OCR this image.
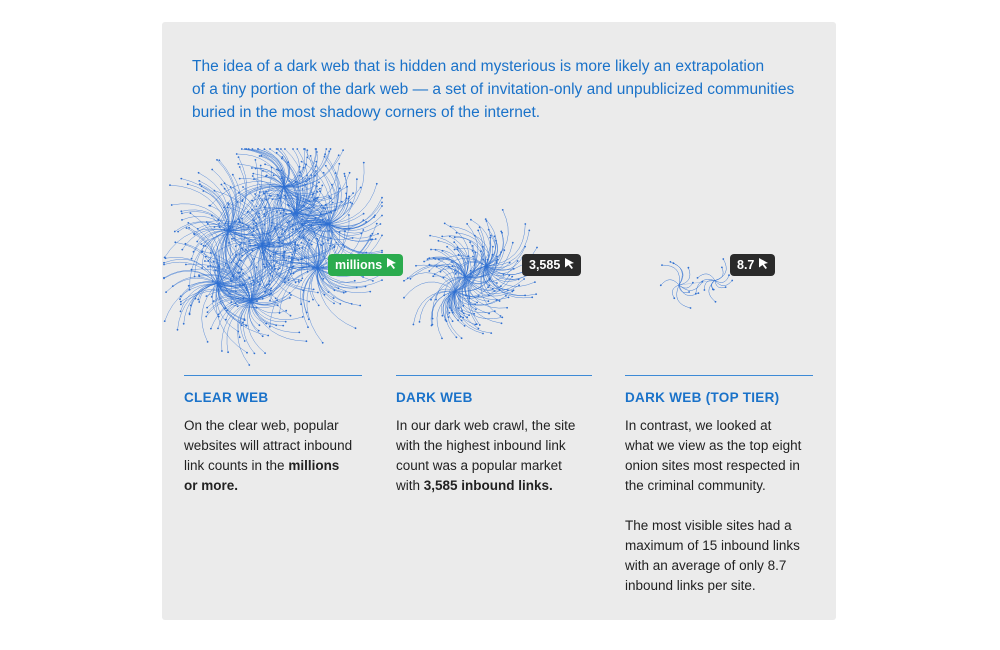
The idea of a dark web that is hidden and mysterious is more likely an extrapolation
of a tiny portion of the dark web — a set of invitation-only and unpublicized communities
buried in the most shadowy corners of the internet.

millions	3,585	8.7
CLEAR WEB

On the clear web, popular
websites will attract inbound
link counts in the millions
or more.

DARK WEB

In our dark web crawl, the site
with the highest inbound link
count was a popular market
with 3,585 inbound links.

DARK WEB (TOP TIER)

In contrast, we looked at
what we view as the top eight
onion sites most respected in
the criminal community.
The most visible sites had a
maximum of 15 inbound links
with an average of only 8.7
inbound links per site.
